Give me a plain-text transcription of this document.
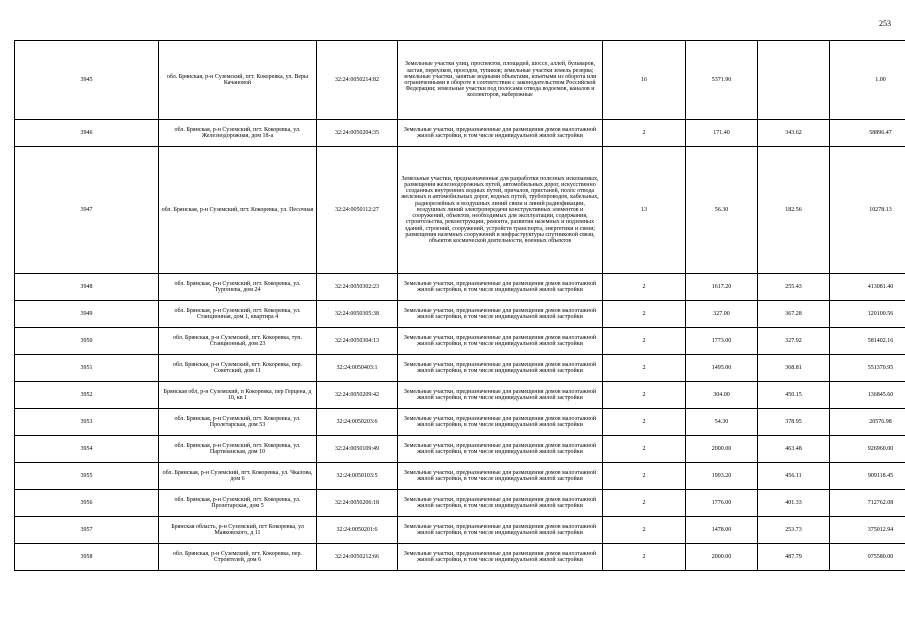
253
3945	обл. Брянская, р-н Суземский, пгт. Кокоревка, ул. Веры Качановой	32:24:0050214:82	Земельные участки улиц, проспектов, площадей, шоссе, аллей, бульваров, застав, переулков, проездов, тупиков; земельные участки земель резерва; земельные участки, занятые водными объектами, изъятыми из оборота или ограниченными в обороте в соответствии с законодательством Российской Федерации; земельные участки под полосами отвода водоемов, каналов и коллекторов, набережные	16	5371.90		1.00
3946	обл. Брянская, р-н Суземский, пгт. Кокоревка, ул. Железнодорожная, дом 18-а	32:24:0050204:35	Земельные участки, предназначенные для размещения домов малоэтажной жилой застройки, в том числе индивидуальной жилой застройки	2	171.40	343.62	58896.47
3947	обл. Брянская, р-н Суземский, пгт. Кокоревка, ул. Песочная	32:24:0050112:27	Земельные участки, предназначенные для разработки полезных ископаемых, размещения железнодорожных путей, автомобильных дорог, искусственно созданных внутренних водных путей, причалов, пристаней, полос отвода железных и автомобильных дорог, водных путей, трубопроводов, кабельных, радиорелейных и воздушных линий связи и линий радиофикации, воздушных линий электропередачи конструктивных элементов и сооружений, объектов, необходимых для эксплуатации, содержания, строительства, реконструкции, ремонта, развития наземных и подземных зданий, строений, сооружений, устройств транспорта, энергетики и связи; размещения наземных сооружений и инфраструктуры спутниковой связи, объектов космической деятельности, военных объектов	13	56.30	182.56	10278.13
3948	обл. Брянская, р-н Суземский, пгт. Кокоревка, ул. Тургенева, дом 24	32:24:0050302:23	Земельные участки, предназначенные для размещения домов малоэтажной жилой застройки, в том числе индивидуальной жилой застройки	2	1617.20	255.43	413081.40
3949	обл. Брянская, р-н Суземский, пгт. Кокоревка, ул. Станционная, дом 1, квартира 4	32:24:0050305:38	Земельные участки, предназначенные для размещения домов малоэтажной жилой застройки, в том числе индивидуальной жилой застройки	2	327.00	367.28	120100.56
3950	обл. Брянская, р-н Суземский, пгт. Кокоревка, туп. Станционный, дом 23	32:24:0050304:13	Земельные участки, предназначенные для размещения домов малоэтажной жилой застройки, в том числе индивидуальной жилой застройки	2	1773.00	327.92	581402.16
3951	обл. Брянская, р-н Суземский, пгт. Кокоревка, пер. Советский, дом 11	32:24:0050403:1	Земельные участки, предназначенные для размещения домов малоэтажной жилой застройки, в том числе индивидуальной жилой застройки	2	1495.00	368.81	551370.95
3952	Брянская обл, р-н Суземский, п Кокоревка, пер Герцена, д 10, кв 1	32:24:0050209:42	Земельные участки, предназначенные для размещения домов малоэтажной жилой застройки, в том числе индивидуальной жилой застройки	2	304.00	450.15	136845.60
3953	обл. Брянская, р-н Суземский, пгт. Кокоревка, ул. Пролетарская, дом 53	32:24:0050203:6	Земельные участки, предназначенные для размещения домов малоэтажной жилой застройки, в том числе индивидуальной жилой застройки	2	54.30	378.95	20576.98
3954	обл. Брянская, р-н Суземский, пгт. Кокоревка, ул. Партизанская, дом 10	32:24:0050109:49	Земельные участки, предназначенные для размещения домов малоэтажной жилой застройки, в том числе индивидуальной жилой застройки	2	2000.00	463.48	926960.00
3955	обл. Брянская, р-н Суземский, пгт. Кокоревка, ул. Чкалова, дом 6	32:24:0050103:5	Земельные участки, предназначенные для размещения домов малоэтажной жилой застройки, в том числе индивидуальной жилой застройки	2	1993.20	456.11	909118.45
3956	обл. Брянская, р-н Суземский, пгт. Кокоревка, ул. Пролетарская, дом 5	32:24:0050206:18	Земельные участки, предназначенные для размещения домов малоэтажной жилой застройки, в том числе индивидуальной жилой застройки	2	1776.00	401.33	712762.08
3957	Брянская область, р-н Суземский, пгт Кокоревка, ул Маяковского, д 11	32:24:0050201:6	Земельные участки, предназначенные для размещения домов малоэтажной жилой застройки, в том числе индивидуальной жилой застройки	2	1478.00	253.73	375012.94
3958	обл. Брянская, р-н Суземский, пгт. Кокоревка, пер. Строителей, дом 6	32:24:0050212:66	Земельные участки, предназначенные для размещения домов малоэтажной жилой застройки, в том числе индивидуальной жилой застройки	2	2000.00	487.79	975580.00
